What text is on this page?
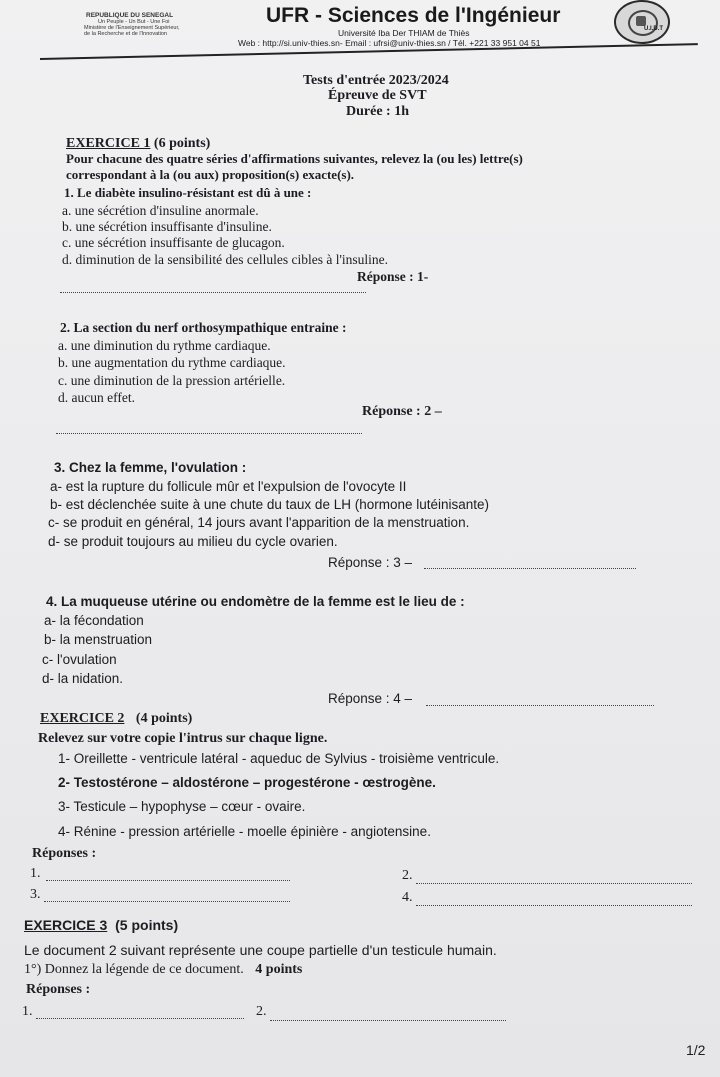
REPUBLIQUE DU SENEGAL
Un Peuple - Un But - Une Foi
Ministère de l'Enseignement Supérieur,
de la Recherche et de l'Innovation
UFR - Sciences de l'Ingénieur
Université Iba Der THIAM de Thiès
Web : http://si.univ-thies.sn- Email : ufrsi@univ-thies.sn / Tél. +221 33 951 04 51
U.I.D.T
Tests d'entrée 2023/2024
Épreuve de SVT
Durée : 1h
EXERCICE 1 (6 points)
Pour chacune des quatre séries d'affirmations suivantes, relevez la (ou les) lettre(s)
correspondant à la (ou aux) proposition(s) exacte(s).
1. Le diabète insulino-résistant est dû à une :
a. une sécrétion d'insuline anormale.
b. une sécrétion insuffisante d'insuline.
c. une sécrétion insuffisante de glucagon.
d. diminution de la sensibilité des cellules cibles à l'insuline.
Réponse : 1-
2. La section du nerf orthosympathique entraine :
a. une diminution du rythme cardiaque.
b. une augmentation du rythme cardiaque.
c. une diminution de la pression artérielle.
d. aucun effet.
Réponse : 2 –
3. Chez la femme, l'ovulation :
a- est la rupture du follicule mûr et l'expulsion de l'ovocyte II
b- est déclenchée suite à une chute du taux de LH (hormone lutéinisante)
c- se produit en général, 14 jours avant l'apparition de la menstruation.
d- se produit toujours au milieu du cycle ovarien.
Réponse : 3 –
4. La muqueuse utérine ou endomètre de la femme est le lieu de :
a- la fécondation
b- la menstruation
c- l'ovulation
d- la nidation.
Réponse : 4 –
EXERCICE 2 (4 points)
Relevez sur votre copie l'intrus sur chaque ligne.
1- Oreillette - ventricule latéral - aqueduc de Sylvius - troisième ventricule.
2- Testostérone – aldostérone – progestérone - œstrogène.
3- Testicule – hypophyse – cœur - ovaire.
4- Rénine - pression artérielle - moelle épinière - angiotensine.
Réponses :
1.	2.
3.	4.
EXERCICE 3 (5 points)
Le document 2 suivant représente une coupe partielle d'un testicule humain.
1°) Donnez la légende de ce document. 4 points
Réponses :
1.	2.
1/2
